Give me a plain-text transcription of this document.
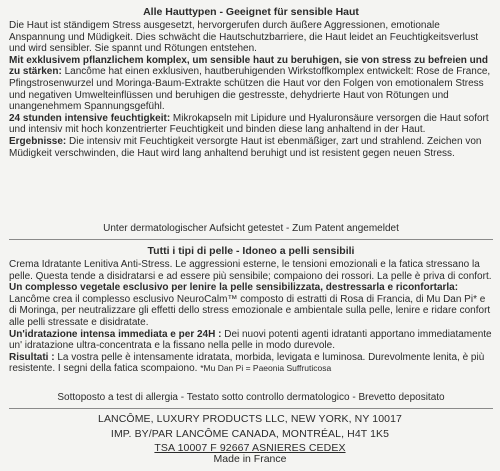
Alle Hauttypen - Geeignet für sensible Haut

Die Haut ist ständigem Stress ausgesetzt, hervorgerufen durch äußere Aggressionen, emotionale Anspannung und Müdigkeit. Dies schwächt die Hautschutzbarriere, die Haut leidet an Feuchtigkeitsverlust und wird sensibler. Sie spannt und Rötungen entstehen.

Mit exklusivem pflanzlichem komplex, um sensible haut zu beruhigen, sie von stress zu befreien und zu stärken: Lancôme hat einen exklusiven, hautberuhigenden Wirkstoffkomplex entwickelt: Rose de France, Pfingstrosenwurzel und Moringa-Baum-Extrakte schützen die Haut vor den Folgen von emotionalem Stress und negativen Umwelteinflüssen und beruhigen die gestresste, dehydrierte Haut von Rötungen und unangenehmem Spannungsgefühl.

24 stunden intensive feuchtigkeit: Mikrokapseln mit Lipidure und Hyaluronsäure versorgen die Haut sofort und intensiv mit hoch konzentrierter Feuchtigkeit und binden diese lang anhaltend in der Haut.

Ergebnisse: Die intensiv mit Feuchtigkeit versorgte Haut ist ebenmäßiger, zart und strahlend. Zeichen von Müdigkeit verschwinden, die Haut wird lang anhaltend beruhigt und ist resistent gegen neuen Stress.

Unter dermatologischer Aufsicht getestet - Zum Patent angemeldet
Tutti i tipi di pelle - Idoneo a pelli sensibili

Crema Idratante Lenitiva Anti-Stress. Le aggressioni esterne, le tensioni emozionali e la fatica stressano la pelle. Questa tende a disidratarsi e ad essere più sensibile; compaiono dei rossori. La pelle è priva di confort.

Un complesso vegetale esclusivo per lenire la pelle sensibilizzata, destressarla e riconfortarla: Lancôme crea il complesso esclusivo NeuroCalm™ composto di estratti di Rosa di Francia, di Mu Dan Pi* e di Moringa, per neutralizzare gli effetti dello stress emozionale e ambientale sulla pelle, lenire e ridare confort alle pelli stressate e disidratate.

Un'idratazione intensa immediata e per 24H : Dei nuovi potenti agenti idratanti apportano immediatamente un' idratazione ultra-concentrata e la fissano nella pelle in modo durevole.

Risultati : La vostra pelle è intensamente idratata, morbida, levigata e luminosa. Durevolmente lenita, è più resistente. I segni della fatica scompaiono. *Mu Dan Pi = Paeonia Suffruticosa

Sottoposto a test di allergia - Testato sotto controllo dermatologico - Brevetto depositato
LANCÔME, LUXURY PRODUCTS LLC, NEW YORK, NY 10017
IMP. BY/PAR LANCÔME CANADA, MONTRÉAL, H4T 1K5
TSA 10007 F 92667 ASNIERES CEDEX
Made in France
